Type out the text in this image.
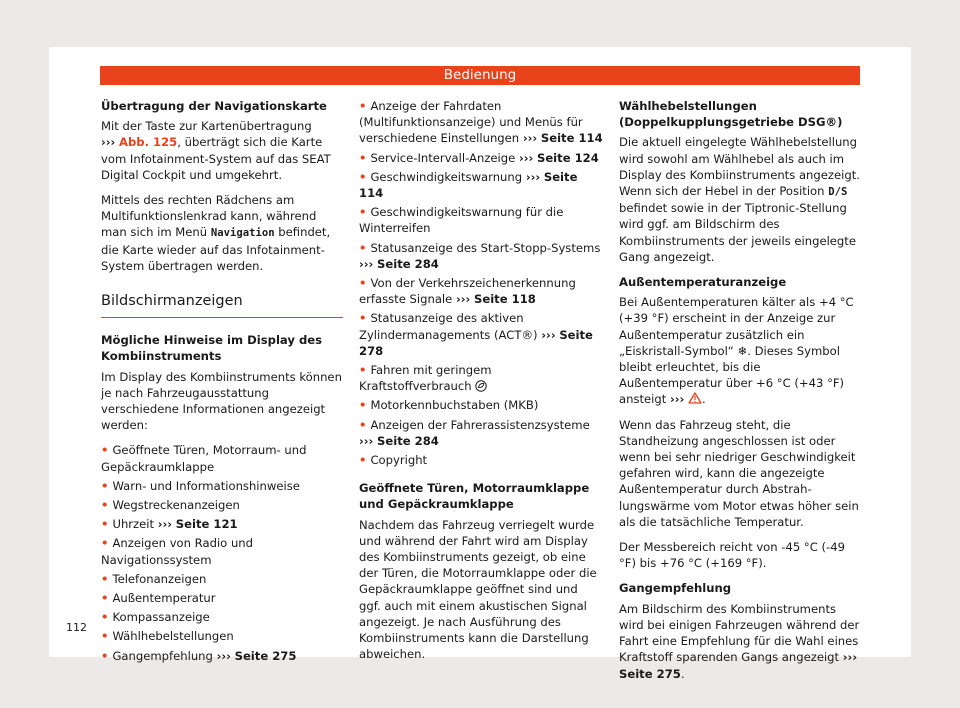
Bedienung
Übertragung der Navigationskarte

Mit der Taste zur Kartenübertragung
››› Abb. 125, überträgt sich die Karte vom Infotainment-System auf das SEAT Digital Cockpit und umgekehrt.

Mittels des rechten Rädchens am Multifunktionslenkrad kann, während man sich im Menü Navigation befindet, die Karte wieder auf das Infotainment-System übertragen werden.

Bildschirmanzeigen
Mögliche Hinweise im Display des Kombiinstruments

Im Display des Kombiinstruments können je nach Fahrzeugausstattung verschiedene Informationen angezeigt werden:

• Geöffnete Türen, Motorraum- und Gepäckraumklappe
• Warn- und Informationshinweise
• Wegstreckenanzeigen
• Uhrzeit ››› Seite 121
• Anzeigen von Radio und Navigationssystem
• Telefonanzeigen
• Außentemperatur
• Kompassanzeige
• Wählhebelstellungen
• Gangempfehlung ››› Seite 275
• Anzeige der Fahrdaten (Multifunktionsanzeige) und Menüs für verschiedene Einstellungen ››› Seite 114
• Service-Intervall-Anzeige ››› Seite 124
• Geschwindigkeitswarnung ››› Seite 114
• Geschwindigkeitswarnung für die Winterreifen
• Statusanzeige des Start-Stopp-Systems ››› Seite 284
• Von der Verkehrszeichenerkennung erfasste Signale ››› Seite 118
• Statusanzeige des aktiven Zylindermanagements (ACT®) ››› Seite 278
• Fahren mit geringem Kraftstoffverbrauch
• Motorkennbuchstaben (MKB)
• Anzeigen der Fahrerassistenzsysteme ››› Seite 284
• Copyright
Geöffnete Türen, Motorraumklappe und Gepäckraumklappe

Nachdem das Fahrzeug verriegelt wurde und während der Fahrt wird am Display des Kombiinstruments gezeigt, ob eine der Türen, die Motorraumklappe oder die Gepäckraumklappe geöffnet sind und ggf. auch mit einem akustischen Signal angezeigt. Je nach Ausführung des Kombiinstruments kann die Darstellung abweichen.

Wählhebelstellungen (Doppelkupplungsgetriebe DSG®)

Die aktuell eingelegte Wählhebelstellung wird sowohl am Wählhebel als auch im Display des Kombiinstruments angezeigt. Wenn sich der Hebel in der Position D/S befindet sowie in der Tiptronic-Stellung wird ggf. am Bildschirm des Kombiinstruments der jeweils eingelegte Gang angezeigt.

Außentemperaturanzeige

Bei Außentemperaturen kälter als +4 °C (+39 °F) erscheint in der Anzeige zur Außentemperatur zusätzlich ein „Eiskristall-Symbol“ ❄. Dieses Symbol bleibt erleuchtet, bis die Außentemperatur über +6 °C (+43 °F) ansteigt ››› .

Wenn das Fahrzeug steht, die Standheizung angeschlossen ist oder wenn bei sehr niedriger Geschwindigkeit gefahren wird, kann die angezeigte Außentemperatur durch Abstrahlungswärme vom Motor etwas höher sein als die tatsächliche Temperatur.

Der Messbereich reicht von -45 °C (-49 °F) bis +76 °C (+169 °F).

Gangempfehlung

Am Bildschirm des Kombiinstruments wird bei einigen Fahrzeugen während der Fahrt eine Empfehlung für die Wahl eines Kraftstoff sparenden Gangs angezeigt ››› Seite 275.

112
